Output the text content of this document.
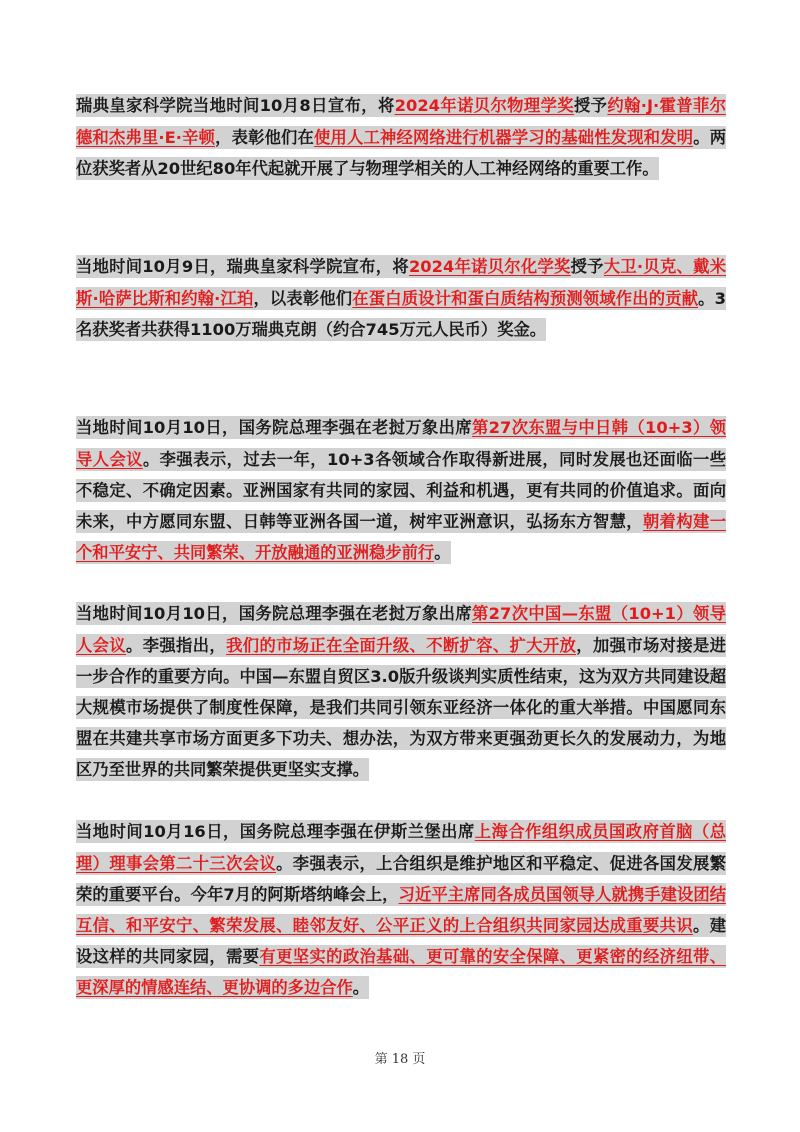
瑞典皇家科学院当地时间10月8日宣布，将2024年诺贝尔物理学奖授予约翰·J·霍普菲尔德和杰弗里·E·辛顿，表彰他们在使用人工神经网络进行机器学习的基础性发现和发明。两位获奖者从20世纪80年代起就开展了与物理学相关的人工神经网络的重要工作。

当地时间10月9日，瑞典皇家科学院宣布，将2024年诺贝尔化学奖授予大卫·贝克、戴米斯·哈萨比斯和约翰·江珀，以表彰他们在蛋白质设计和蛋白质结构预测领域作出的贡献。3名获奖者共获得1100万瑞典克朗（约合745万元人民币）奖金。

当地时间10月10日，国务院总理李强在老挝万象出席第27次东盟与中日韩（10+3）领导人会议。李强表示，过去一年，10+3各领域合作取得新进展，同时发展也还面临一些不稳定、不确定因素。亚洲国家有共同的家园、利益和机遇，更有共同的价值追求。面向未来，中方愿同东盟、日韩等亚洲各国一道，树牢亚洲意识，弘扬东方智慧，朝着构建一个和平安宁、共同繁荣、开放融通的亚洲稳步前行。

当地时间10月10日，国务院总理李强在老挝万象出席第27次中国—东盟（10+1）领导人会议。李强指出，我们的市场正在全面升级、不断扩容、扩大开放，加强市场对接是进一步合作的重要方向。中国—东盟自贸区3.0版升级谈判实质性结束，这为双方共同建设超大规模市场提供了制度性保障，是我们共同引领东亚经济一体化的重大举措。中国愿同东盟在共建共享市场方面更多下功夫、想办法，为双方带来更强劲更长久的发展动力，为地区乃至世界的共同繁荣提供更坚实支撑。

当地时间10月16日，国务院总理李强在伊斯兰堡出席上海合作组织成员国政府首脑（总理）理事会第二十三次会议。李强表示，上合组织是维护地区和平稳定、促进各国发展繁荣的重要平台。今年7月的阿斯塔纳峰会上，习近平主席同各成员国领导人就携手建设团结互信、和平安宁、繁荣发展、睦邻友好、公平正义的上合组织共同家园达成重要共识。建设这样的共同家园，需要有更坚实的政治基础、更可靠的安全保障、更紧密的经济纽带、更深厚的情感连结、更协调的多边合作。

第 18 页
